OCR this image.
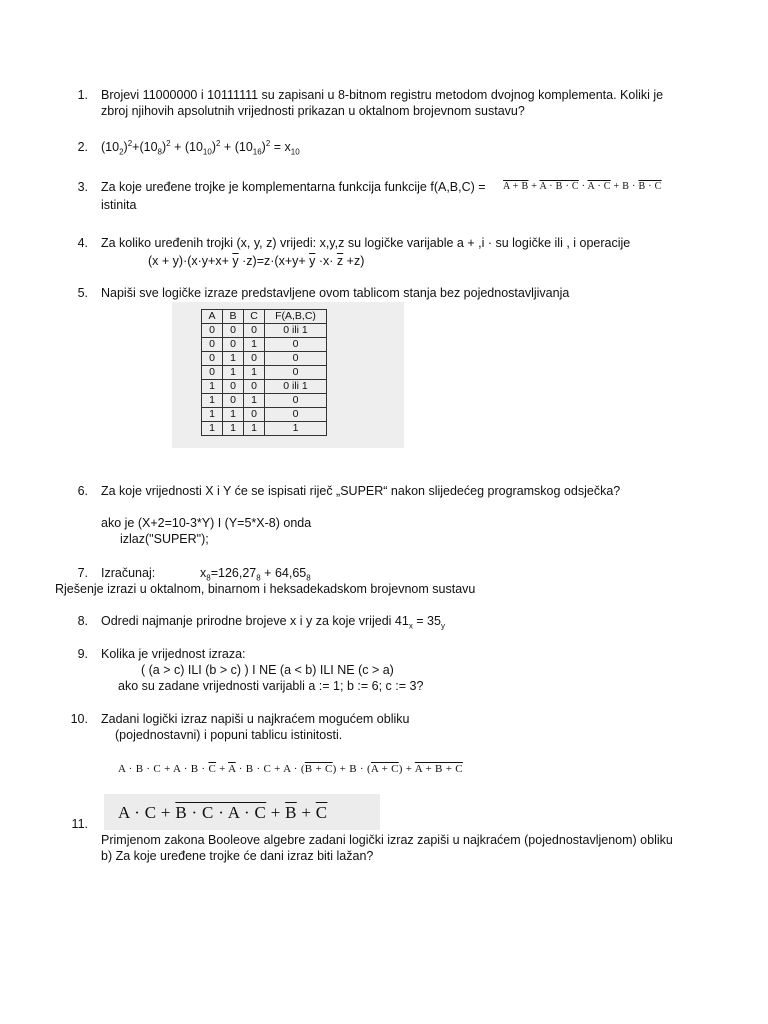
1. Brojevi 11000000 i 10111111 su zapisani u 8-bitnom registru metodom dvojnog komplementa. Koliki je
zbroj njihovih apsolutnih vrijednosti prikazan u oktalnom brojevnom sustavu?
2. $(10_2)^2+(10_8)^2 + (10_{10})^2 + (10_{16})^2 = x_{10}$
3. Za koje uređene trojke je komplementarna funkcija funkcije f(A,B,C) = A + B + A · B · C · A · C + B · B · C
istinita
4. Za koliko uređenih trojki (x, y, z) vrijedi: x,y,z su logičke varijable a + ,i · su logičke ili , i operacije
$(x + y)\cdot(x\cdot y+x+ \overline{y} \cdot z)=z\cdot(x+y+ \overline{y} \cdot x\cdot \overline{z} +z)$
5. Napiši sve logičke izraze predstavljene ovom tablicom stanja bez pojednostavljivanja
A	B	C	F(A,B,C)
0	0	0	0 ili 1
0	0	1	0
0	1	0	0
0	1	1	0
1	0	0	0 ili 1
1	0	1	0
1	1	0	0
1	1	1	1
6. Za koje vrijednosti X i Y će se ispisati riječ „SUPER“ nakon slijedećeg programskog odsječka?
ako je (X+2=10-3*Y) I (Y=5*X-8) onda
izlaz("SUPER");
7. Izračunaj:	$x_8=126,27_8 + 64,65_8$
Rješenje izrazi u oktalnom, binarnom i heksadekadskom brojevnom sustavu
8. Odredi najmanje prirodne brojeve x i y za koje vrijedi $41_x = 35_y$
9. Kolika je vrijednost izraza:
( (a > c) ILI (b > c) ) I NE (a < b) ILI NE (c > a)
ako su zadane vrijednosti varijabli a := 1; b := 6; c := 3?
10. Zadani logički izraz napiši u najkraćem mogućem obliku
(pojednostavni) i popuni tablicu istinitosti.
$A \cdot B \cdot C + A \cdot B \cdot \overline{C} + \overline{A} \cdot B \cdot C + A \cdot (B + C) + B \cdot (A + C) + A + B + C$
$A \cdot C + B \cdot C \cdot A \cdot C + \overline{B} + \overline{C}$
11.
Primjenom zakona Booleove algebre zadani logički izraz zapiši u najkraćem (pojednostavljenom) obliku
b) Za koje uređene trojke će dani izraz biti lažan?
